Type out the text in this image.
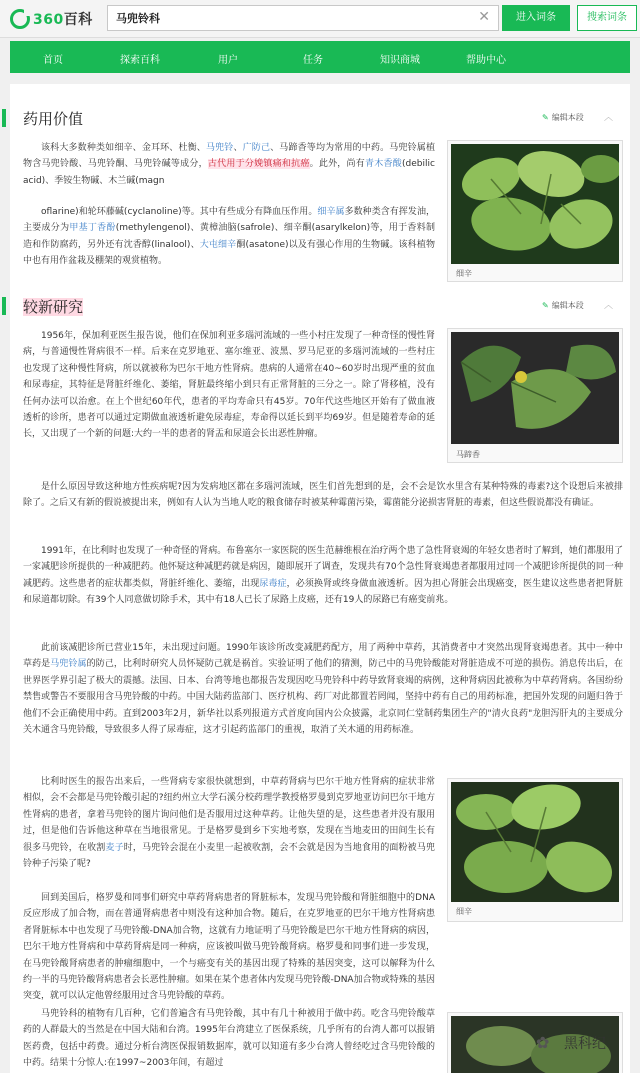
360百科
马兜铃科	✕	进入词条	搜索词条
首页	探索百科	用户	任务	知识商城	帮助中心
药用价值	✎ 编辑本段 ︿
该科大多数种类如细辛、金耳环、杜衡、马兜铃、广防己、马蹄香等均为常用的中药。马兜铃属植物含马兜铃酸、马兜铃酮、马兜铃碱等成分，古代用于分娩镇痛和抗癌。此外，尚有青木香酸(debilic acid)、季铵生物碱、木兰碱(magn
oflarine)和轮环藤碱(cyclanoline)等。其中有些成分有降血压作用。细辛属多数种类含有挥发油，主要成分为甲基丁香酚(methylengenol)、黄樟油脑(safrole)、细辛酮(asarylkelon)等，用于香料制造和作防腐药，另外还有沈香醇(linalool)、大屯细辛酮(asatone)以及有强心作用的生物碱。该科植物中也有用作盆栽及棚架的观赏植物。
细辛
较新研究	✎ 编辑本段 ︿
1956年，保加利亚医生报告说，他们在保加利亚多瑙河流域的一些小村庄发现了一种奇怪的慢性肾病，与普通慢性肾病很不一样。后来在克罗地亚、塞尔维亚、波黑、罗马尼亚的多瑙河流域的一些村庄也发现了这种慢性肾病，所以就被称为巴尔干地方性肾病。患病的人通常在40~60岁时出现严重的贫血和尿毒症，其特征是肾脏纤维化、萎缩，肾脏最终缩小到只有正常肾脏的三分之一。除了肾移植，没有任何办法可以治愈。在上个世纪60年代，患者的平均寿命只有45岁。70年代这些地区开始有了做血液透析的诊所，患者可以通过定期做血液透析避免尿毒症，寿命得以延长到平均69岁。但是随着寿命的延长，又出现了一个新的问题:大约一半的患者的肾盂和尿道会长出恶性肿瘤。
马蹄香
是什么原因导致这种地方性疾病呢?因为发病地区都在多瑙河流域，医生们首先想到的是，会不会是饮水里含有某种特殊的毒素?这个设想后来被排除了。之后又有新的假说被提出来，例如有人认为当地人吃的粮食储存时被某种霉菌污染，霉菌能分泌损害肾脏的毒素，但这些假说都没有确证。
1991年，在比利时也发现了一种奇怪的肾病。布鲁塞尔一家医院的医生范赫维根在治疗两个患了急性肾衰竭的年轻女患者时了解到，她们都服用了一家减肥诊所提供的一种减肥药。他怀疑这种减肥药就是病因，随即展开了调查，发现共有70个急性肾衰竭患者都服用过同一个减肥诊所提供的同一种减肥药。这些患者的症状都类似，肾脏纤维化、萎缩，出现尿毒症，必须换肾或终身做血液透析。因为担心肾脏会出现癌变，医生建议这些患者把肾脏和尿道都切除。有39个人同意做切除手术，其中有18人已长了尿路上皮癌，还有19人的尿路已有癌变前兆。
此前该减肥诊所已营业15年，未出现过问题。1990年该诊所改变减肥药配方，用了两种中草药，其消费者中才突然出现肾衰竭患者。其中一种中草药是马兜铃属的防己，比利时研究人员怀疑防己就是祸首。实验证明了他们的猜测，防己中的马兜铃酸能对肾脏造成不可逆的损伤。消息传出后，在世界医学界引起了极大的震撼。法国、日本、台湾等地也都报告发现因吃马兜铃科中药导致肾衰竭的病例，这种肾病因此被称为中草药肾病。各国纷纷禁售或警告不要服用含马兜铃酸的中药。中国大陆药监部门、医疗机构、药厂对此都置若罔闻，坚持中药有自己的用药标准，把国外发现的问题归咎于他们不会正确使用中药。直到2003年2月，新华社以系列报道方式首度向国内公众披露，北京同仁堂制药集团生产的"清火良药"龙胆泻肝丸的主要成分关木通含马兜铃酸，导致很多人得了尿毒症，这才引起药监部门的重视，取消了关木通的用药标准。
比利时医生的报告出来后，一些肾病专家很快就想到，中草药肾病与巴尔干地方性肾病的症状非常相似，会不会都是马兜铃酸引起的?纽约州立大学石溪分校药理学教授格罗曼到克罗地亚访问巴尔干地方性肾病的患者，拿着马兜铃的图片询问他们是否服用过这种草药。让他失望的是，这些患者并没有服用过，但是他们告诉他这种草在当地很常见。于是格罗曼到乡下实地考察，发现在当地麦田的田间生长有很多马兜铃，在收割麦子时，马兜铃会混在小麦里一起被收割，会不会就是因为当地食用的面粉被马兜铃种子污染了呢?
细辛
回到美国后，格罗曼和同事们研究中草药肾病患者的肾脏标本，发现马兜铃酸和肾脏细胞中的DNA反应形成了加合物，而在普通肾病患者中则没有这种加合物。随后，在克罗地亚的巴尔干地方性肾病患者肾脏标本中也发现了马兜铃酸-DNA加合物，这就有力地证明了马兜铃酸是巴尔干地方性肾病的病因，巴尔干地方性肾病和中草药肾病是同一种病，应该被叫做马兜铃酸肾病。格罗曼和同事们进一步发现，在马兜铃酸肾病患者的肿瘤细胞中，一个与癌变有关的基因出现了特殊的基因突变，这可以解释为什么约一半的马兜铃酸肾病患者会长恶性肿瘤。如果在某个患者体内发现马兜铃酸-DNA加合物或特殊的基因突变，就可以认定他曾经服用过含马兜铃酸的草药。
马兜铃科的植物有几百种，它们普遍含有马兜铃酸，其中有几十种被用于做中药。吃含马兜铃酸草药的人群最大的当然是在中国大陆和台湾。1995年台湾建立了医保系统，几乎所有的台湾人都可以报销医药费，包括中药费。通过分析台湾医保报销数据库，就可以知道有多少台湾人曾经吃过含马兜铃酸的中药。结果十分惊人:在1997~2003年间，有超过
✿	黑科纪
